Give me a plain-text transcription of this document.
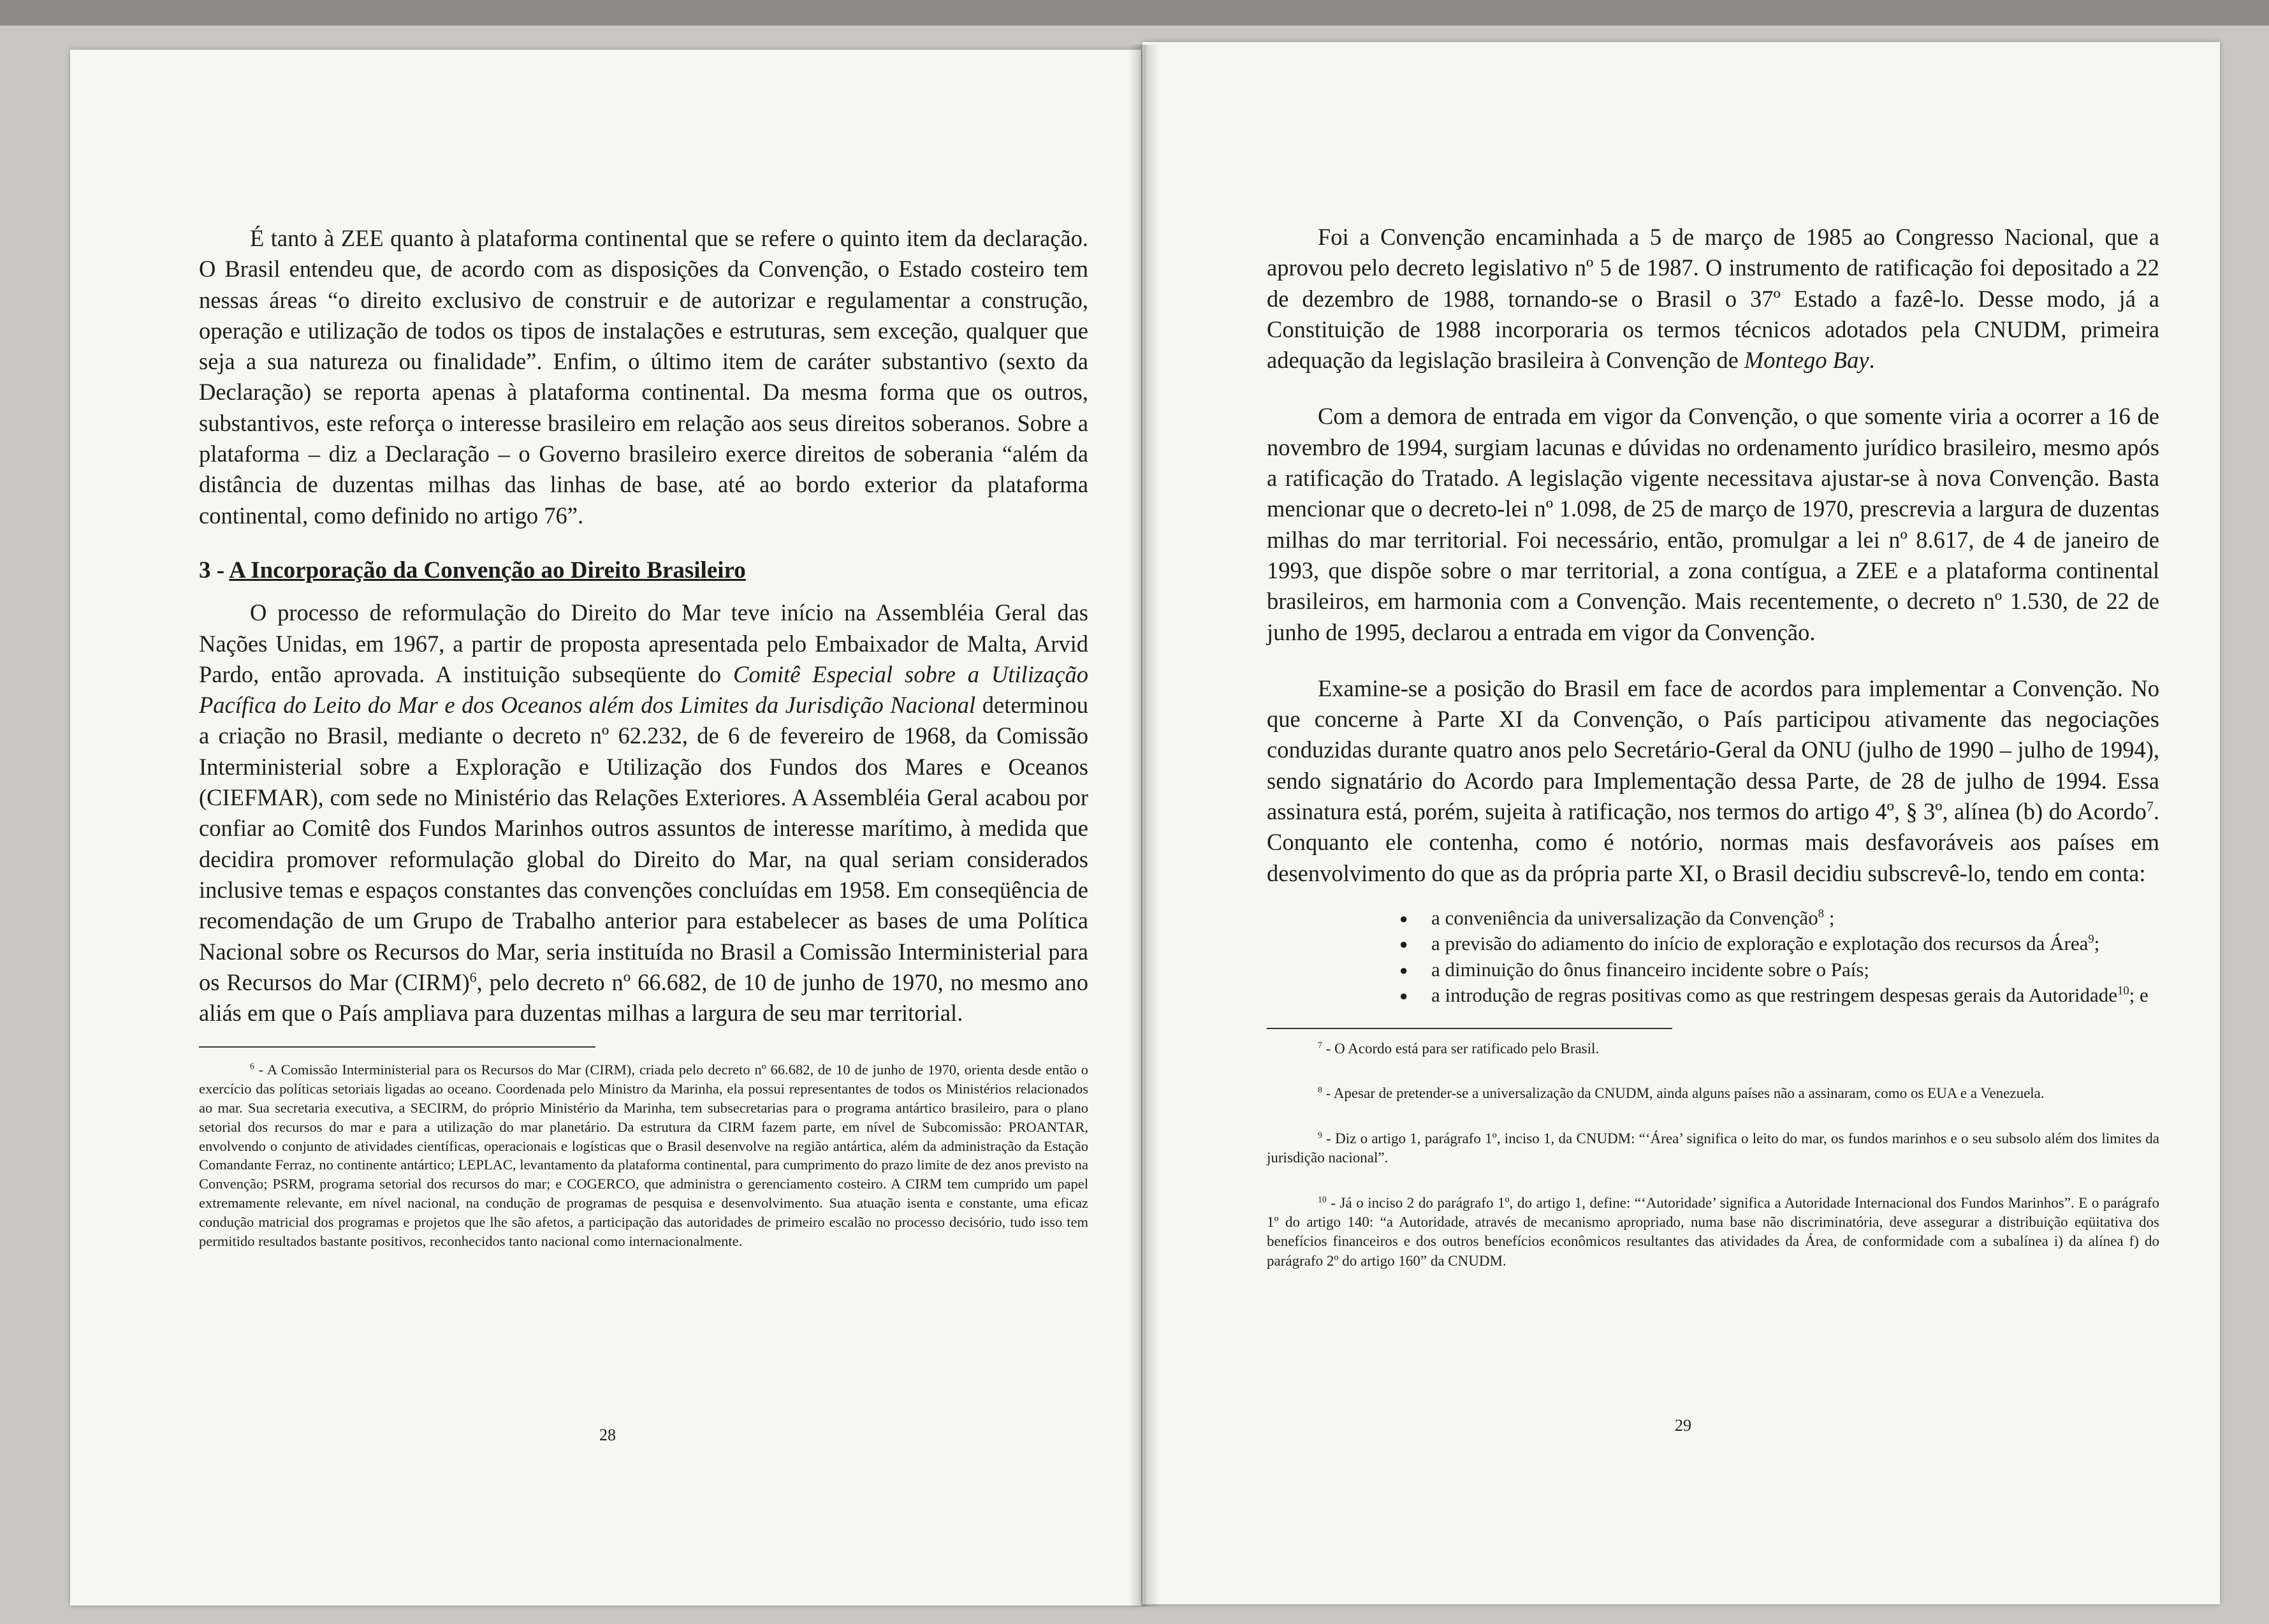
É tanto à ZEE quanto à plataforma continental que se refere o quinto item da declaração. O Brasil entendeu que, de acordo com as disposições da Convenção, o Estado costeiro tem nessas áreas “o direito exclusivo de construir e de autorizar e regulamentar a construção, operação e utilização de todos os tipos de instalações e estruturas, sem exceção, qualquer que seja a sua natureza ou finalidade”. Enfim, o último item de caráter substantivo (sexto da Declaração) se reporta apenas à plataforma continental. Da mesma forma que os outros, substantivos, este reforça o interesse brasileiro em relação aos seus direitos soberanos. Sobre a plataforma – diz a Declaração – o Governo brasileiro exerce direitos de soberania “além da distância de duzentas milhas das linhas de base, até ao bordo exterior da plataforma continental, como definido no artigo 76”.

3 - A Incorporação da Convenção ao Direito Brasileiro

O processo de reformulação do Direito do Mar teve início na Assembléia Geral das Nações Unidas, em 1967, a partir de proposta apresentada pelo Embaixador de Malta, Arvid Pardo, então aprovada. A instituição subseqüente do Comitê Especial sobre a Utilização Pacífica do Leito do Mar e dos Oceanos além dos Limites da Jurisdição Nacional determinou a criação no Brasil, mediante o decreto nº 62.232, de 6 de fevereiro de 1968, da Comissão Interministerial sobre a Exploração e Utilização dos Fundos dos Mares e Oceanos (CIEFMAR), com sede no Ministério das Relações Exteriores. A Assembléia Geral acabou por confiar ao Comitê dos Fundos Marinhos outros assuntos de interesse marítimo, à medida que decidira promover reformulação global do Direito do Mar, na qual seriam considerados inclusive temas e espaços constantes das convenções concluídas em 1958. Em conseqüência de recomendação de um Grupo de Trabalho anterior para estabelecer as bases de uma Política Nacional sobre os Recursos do Mar, seria instituída no Brasil a Comissão Interministerial para os Recursos do Mar (CIRM)$^6$, pelo decreto nº 66.682, de 10 de junho de 1970, no mesmo ano aliás em que o País ampliava para duzentas milhas a largura de seu mar territorial.

$^6$ - A Comissão Interministerial para os Recursos do Mar (CIRM), criada pelo decreto nº 66.682, de 10 de junho de 1970, orienta desde então o exercício das políticas setoriais ligadas ao oceano. Coordenada pelo Ministro da Marinha, ela possui representantes de todos os Ministérios relacionados ao mar. Sua secretaria executiva, a SECIRM, do próprio Ministério da Marinha, tem subsecretarias para o programa antártico brasileiro, para o plano setorial dos recursos do mar e para a utilização do mar planetário. Da estrutura da CIRM fazem parte, em nível de Subcomissão: PROANTAR, envolvendo o conjunto de atividades científicas, operacionais e logísticas que o Brasil desenvolve na região antártica, além da administração da Estação Comandante Ferraz, no continente antártico; LEPLAC, levantamento da plataforma continental, para cumprimento do prazo limite de dez anos previsto na Convenção; PSRM, programa setorial dos recursos do mar; e COGERCO, que administra o gerenciamento costeiro. A CIRM tem cumprido um papel extremamente relevante, em nível nacional, na condução de programas de pesquisa e desenvolvimento. Sua atuação isenta e constante, uma eficaz condução matricial dos programas e projetos que lhe são afetos, a participação das autoridades de primeiro escalão no processo decisório, tudo isso tem permitido resultados bastante positivos, reconhecidos tanto nacional como internacionalmente.

28

Foi a Convenção encaminhada a 5 de março de 1985 ao Congresso Nacional, que a aprovou pelo decreto legislativo nº 5 de 1987. O instrumento de ratificação foi depositado a 22 de dezembro de 1988, tornando-se o Brasil o 37º Estado a fazê-lo. Desse modo, já a Constituição de 1988 incorporaria os termos técnicos adotados pela CNUDM, primeira adequação da legislação brasileira à Convenção de Montego Bay.

Com a demora de entrada em vigor da Convenção, o que somente viria a ocorrer a 16 de novembro de 1994, surgiam lacunas e dúvidas no ordenamento jurídico brasileiro, mesmo após a ratificação do Tratado. A legislação vigente necessitava ajustar-se à nova Convenção. Basta mencionar que o decreto-lei nº 1.098, de 25 de março de 1970, prescrevia a largura de duzentas milhas do mar territorial. Foi necessário, então, promulgar a lei nº 8.617, de 4 de janeiro de 1993, que dispõe sobre o mar territorial, a zona contígua, a ZEE e a plataforma continental brasileiros, em harmonia com a Convenção. Mais recentemente, o decreto nº 1.530, de 22 de junho de 1995, declarou a entrada em vigor da Convenção.

Examine-se a posição do Brasil em face de acordos para implementar a Convenção. No que concerne à Parte XI da Convenção, o País participou ativamente das negociações conduzidas durante quatro anos pelo Secretário-Geral da ONU (julho de 1990 – julho de 1994), sendo signatário do Acordo para Implementação dessa Parte, de 28 de julho de 1994. Essa assinatura está, porém, sujeita à ratificação, nos termos do artigo 4º, § 3º, alínea (b) do Acordo$^7$. Conquanto ele contenha, como é notório, normas mais desfavoráveis aos países em desenvolvimento do que as da própria parte XI, o Brasil decidiu subscrevê-lo, tendo em conta:

● a conveniência da universalização da Convenção$^8$ ;
● a previsão do adiamento do início de exploração e explotação dos recursos da Área$^9$;
● a diminuição do ônus financeiro incidente sobre o País;
● a introdução de regras positivas como as que restringem despesas gerais da Autoridade$^{10}$; e

$^7$ - O Acordo está para ser ratificado pelo Brasil.

$^8$ - Apesar de pretender-se a universalização da CNUDM, ainda alguns países não a assinaram, como os EUA e a Venezuela.

$^9$ - Diz o artigo 1, parágrafo 1º, inciso 1, da CNUDM: “‘Área’ significa o leito do mar, os fundos marinhos e o seu subsolo além dos limites da jurisdição nacional”.

$^{10}$ - Já o inciso 2 do parágrafo 1º, do artigo 1, define: “‘Autoridade’ significa a Autoridade Internacional dos Fundos Marinhos”. E o parágrafo 1º do artigo 140: “a Autoridade, através de mecanismo apropriado, numa base não discriminatória, deve assegurar a distribuição eqüitativa dos benefícios financeiros e dos outros benefícios econômicos resultantes das atividades da Área, de conformidade com a subalínea i) da alínea f) do parágrafo 2º do artigo 160” da CNUDM.

29
